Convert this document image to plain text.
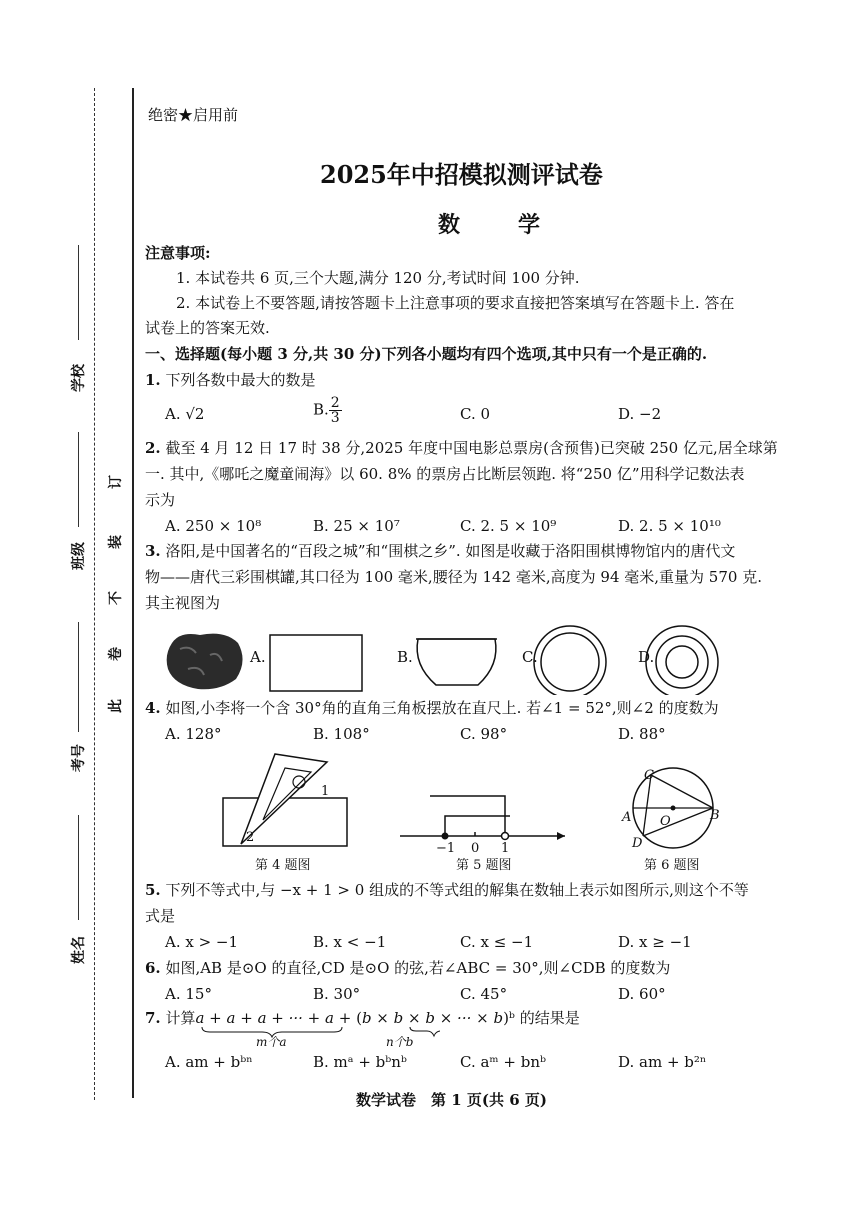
学校
班级
考号
姓名
订
装
不
卷
此
绝密★启用前
2025年中招模拟测评试卷
数　学
注意事项:
1. 本试卷共 6 页,三个大题,满分 120 分,考试时间 100 分钟.
2. 本试卷上不要答题,请按答题卡上注意事项的要求直接把答案填写在答题卡上. 答在
试卷上的答案无效.
一、选择题(每小题 3 分,共 30 分)下列各小题均有四个选项,其中只有一个是正确的.
1. 下列各数中最大的数是
A. √2	B. $\frac{2}{3}$	C. 0	D. −2
2. 截至 4 月 12 日 17 时 38 分,2025 年度中国电影总票房(含预售)已突破 250 亿元,居全球第
一. 其中,《哪吒之魔童闹海》以 60. 8% 的票房占比断层领跑. 将“250 亿”用科学记数法表
示为
A. 250 × 10⁸	B. 25 × 10⁷	C. 2. 5 × 10⁹	D. 2. 5 × 10¹⁰
3. 洛阳,是中国著名的“百段之城”和“围棋之乡”. 如图是收藏于洛阳围棋博物馆内的唐代文
物——唐代三彩围棋罐,其口径为 100 毫米,腰径为 142 毫米,高度为 94 毫米,重量为 570 克.
其主视图为
A.	B.	C.	D.
4. 如图,小李将一个含 30°角的直角三角板摆放在直尺上. 若∠1 = 52°,则∠2 的度数为
A. 128°	B. 108°	C. 98°	D. 88°
1
2
−1 0 1
C
A	B
O
D
第 4 题图	第 5 题图	第 6 题图
5. 下列不等式中,与 −x + 1 > 0 组成的不等式组的解集在数轴上表示如图所示,则这个不等
式是
A. x > −1	B. x < −1	C. x ≤ −1	D. x ≥ −1
6. 如图,AB 是⊙O 的直径,CD 是⊙O 的弦,若∠ABC = 30°,则∠CDB 的度数为
A. 15°	B. 30°	C. 45°	D. 60°
7. 计算a + a + a + ··· + a + (b × b × b × ··· × b)ᵇ 的结果是
m个a	n个b
A. am + bᵇⁿ	B. mᵃ + bᵇnᵇ	C. aᵐ + bnᵇ	D. am + b²ⁿ
数学试卷　第 1 页(共 6 页)
